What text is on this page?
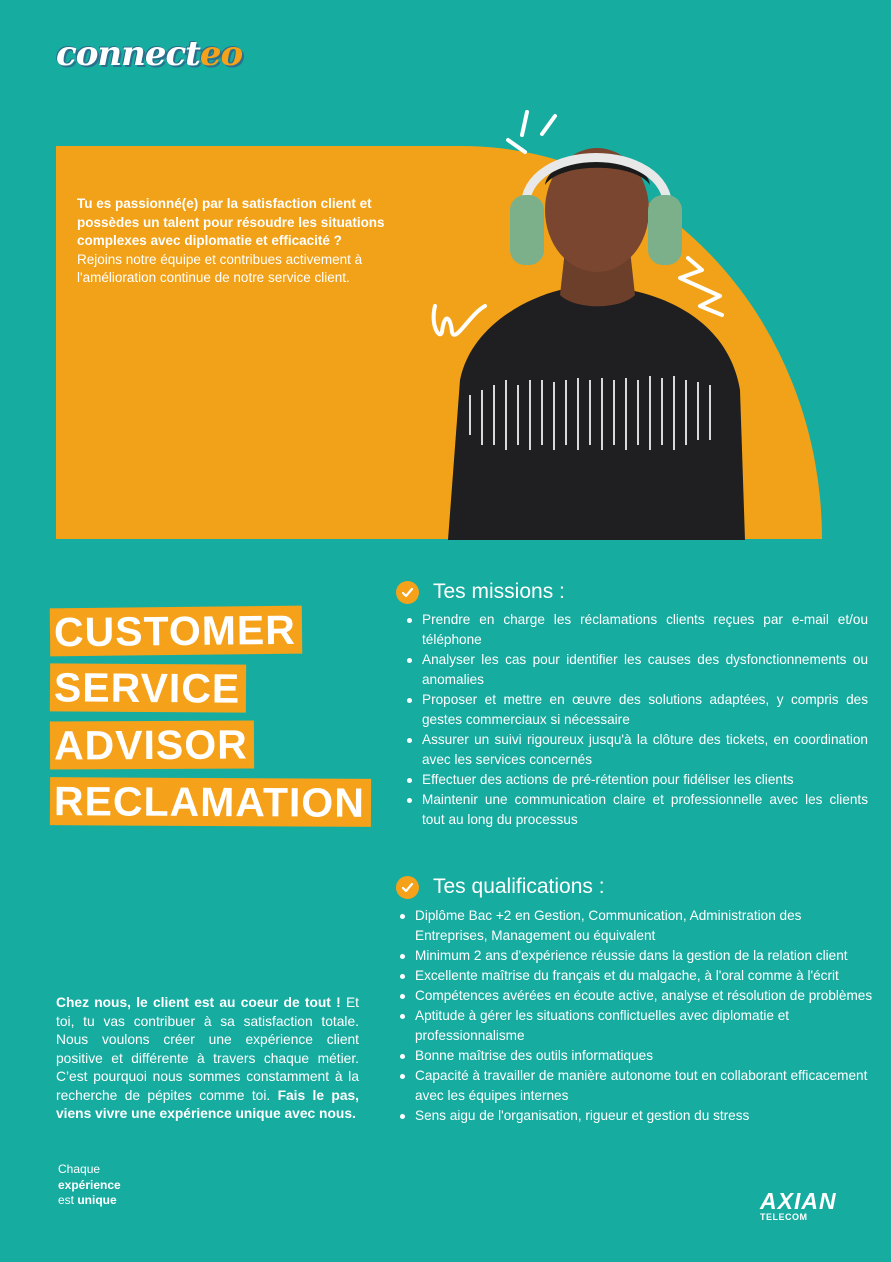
connecteo
Tu es passionné(e) par la satisfaction client et possèdes un talent pour résoudre les situations complexes avec diplomatie et efficacité ?
Rejoins notre équipe et contribues activement à l'amélioration continue de notre service client.
CUSTOMER
SERVICE
ADVISOR
RECLAMATION
Tes missions :
Prendre en charge les réclamations clients reçues par e-mail et/ou téléphone
Analyser les cas pour identifier les causes des dysfonctionnements ou anomalies
Proposer et mettre en œuvre des solutions adaptées, y compris des gestes commerciaux si nécessaire
Assurer un suivi rigoureux jusqu'à la clôture des tickets, en coordination avec les services concernés
Effectuer des actions de pré-rétention pour fidéliser les clients
Maintenir une communication claire et professionnelle avec les clients tout au long du processus
Tes qualifications :
Diplôme Bac +2 en Gestion, Communication, Administration des Entreprises, Management ou équivalent
Minimum 2 ans d'expérience réussie dans la gestion de la relation client
Excellente maîtrise du français et du malgache, à l'oral comme à l'écrit
Compétences avérées en écoute active, analyse et résolution de problèmes
Aptitude à gérer les situations conflictuelles avec diplomatie et professionnalisme
Bonne maîtrise des outils informatiques
Capacité à travailler de manière autonome tout en collaborant efficacement avec les équipes internes
Sens aigu de l'organisation, rigueur et gestion du stress
Chez nous, le client est au coeur de tout ! Et toi, tu vas contribuer à sa satisfaction totale. Nous voulons créer une expérience client positive et différente à travers chaque métier. C’est pourquoi nous sommes constamment à la recherche de pépites comme toi. Fais le pas, viens vivre une expérience unique avec nous.
Chaque
expérience
est unique	AXIAN
TELECOM
